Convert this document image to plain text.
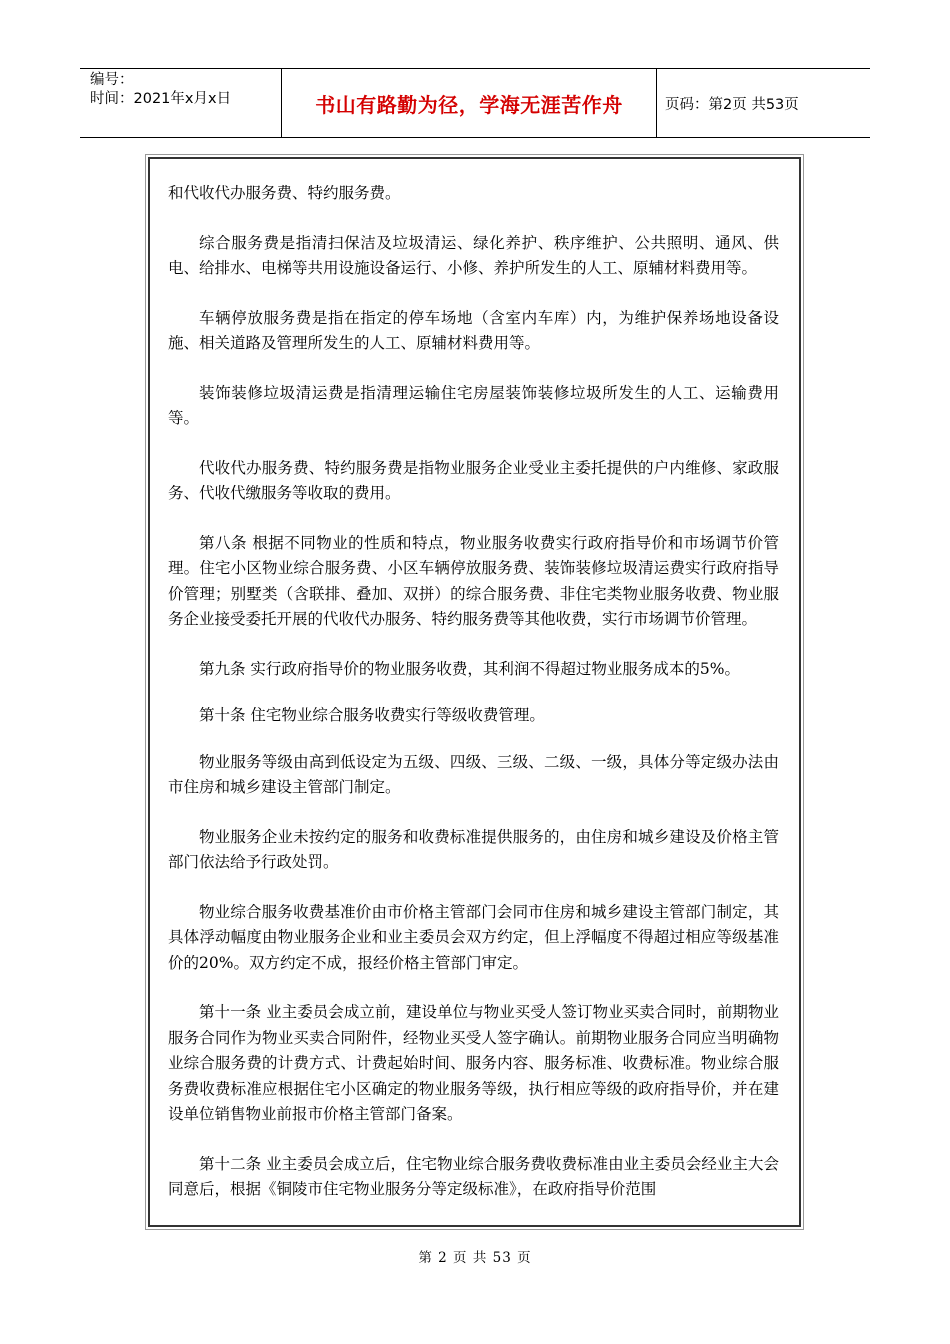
编号：
时间：2021年x月x日	书山有路勤为径，学海无涯苦作舟	页码：第2页 共53页

和代收代办服务费、特约服务费。

综合服务费是指清扫保洁及垃圾清运、绿化养护、秩序维护、公共照明、通风、供电、给排水、电梯等共用设施设备运行、小修、养护所发生的人工、原辅材料费用等。

车辆停放服务费是指在指定的停车场地（含室内车库）内，为维护保养场地设备设施、相关道路及管理所发生的人工、原辅材料费用等。

装饰装修垃圾清运费是指清理运输住宅房屋装饰装修垃圾所发生的人工、运输费用等。

代收代办服务费、特约服务费是指物业服务企业受业主委托提供的户内维修、家政服务、代收代缴服务等收取的费用。

第八条 根据不同物业的性质和特点，物业服务收费实行政府指导价和市场调节价管理。住宅小区物业综合服务费、小区车辆停放服务费、装饰装修垃圾清运费实行政府指导价管理；别墅类（含联排、叠加、双拼）的综合服务费、非住宅类物业服务收费、物业服务企业接受委托开展的代收代办服务、特约服务费等其他收费，实行市场调节价管理。

第九条 实行政府指导价的物业服务收费，其利润不得超过物业服务成本的5%。

第十条 住宅物业综合服务收费实行等级收费管理。

物业服务等级由高到低设定为五级、四级、三级、二级、一级，具体分等定级办法由市住房和城乡建设主管部门制定。

物业服务企业未按约定的服务和收费标准提供服务的，由住房和城乡建设及价格主管部门依法给予行政处罚。

物业综合服务收费基准价由市价格主管部门会同市住房和城乡建设主管部门制定，其具体浮动幅度由物业服务企业和业主委员会双方约定，但上浮幅度不得超过相应等级基准价的20%。双方约定不成，报经价格主管部门审定。

第十一条 业主委员会成立前，建设单位与物业买受人签订物业买卖合同时，前期物业服务合同作为物业买卖合同附件，经物业买受人签字确认。前期物业服务合同应当明确物业综合服务费的计费方式、计费起始时间、服务内容、服务标准、收费标准。物业综合服务费收费标准应根据住宅小区确定的物业服务等级，执行相应等级的政府指导价，并在建设单位销售物业前报市价格主管部门备案。

第十二条 业主委员会成立后，住宅物业综合服务费收费标准由业主委员会经业主大会同意后，根据《铜陵市住宅物业服务分等定级标准》，在政府指导价范围

第 2 页 共 53 页
